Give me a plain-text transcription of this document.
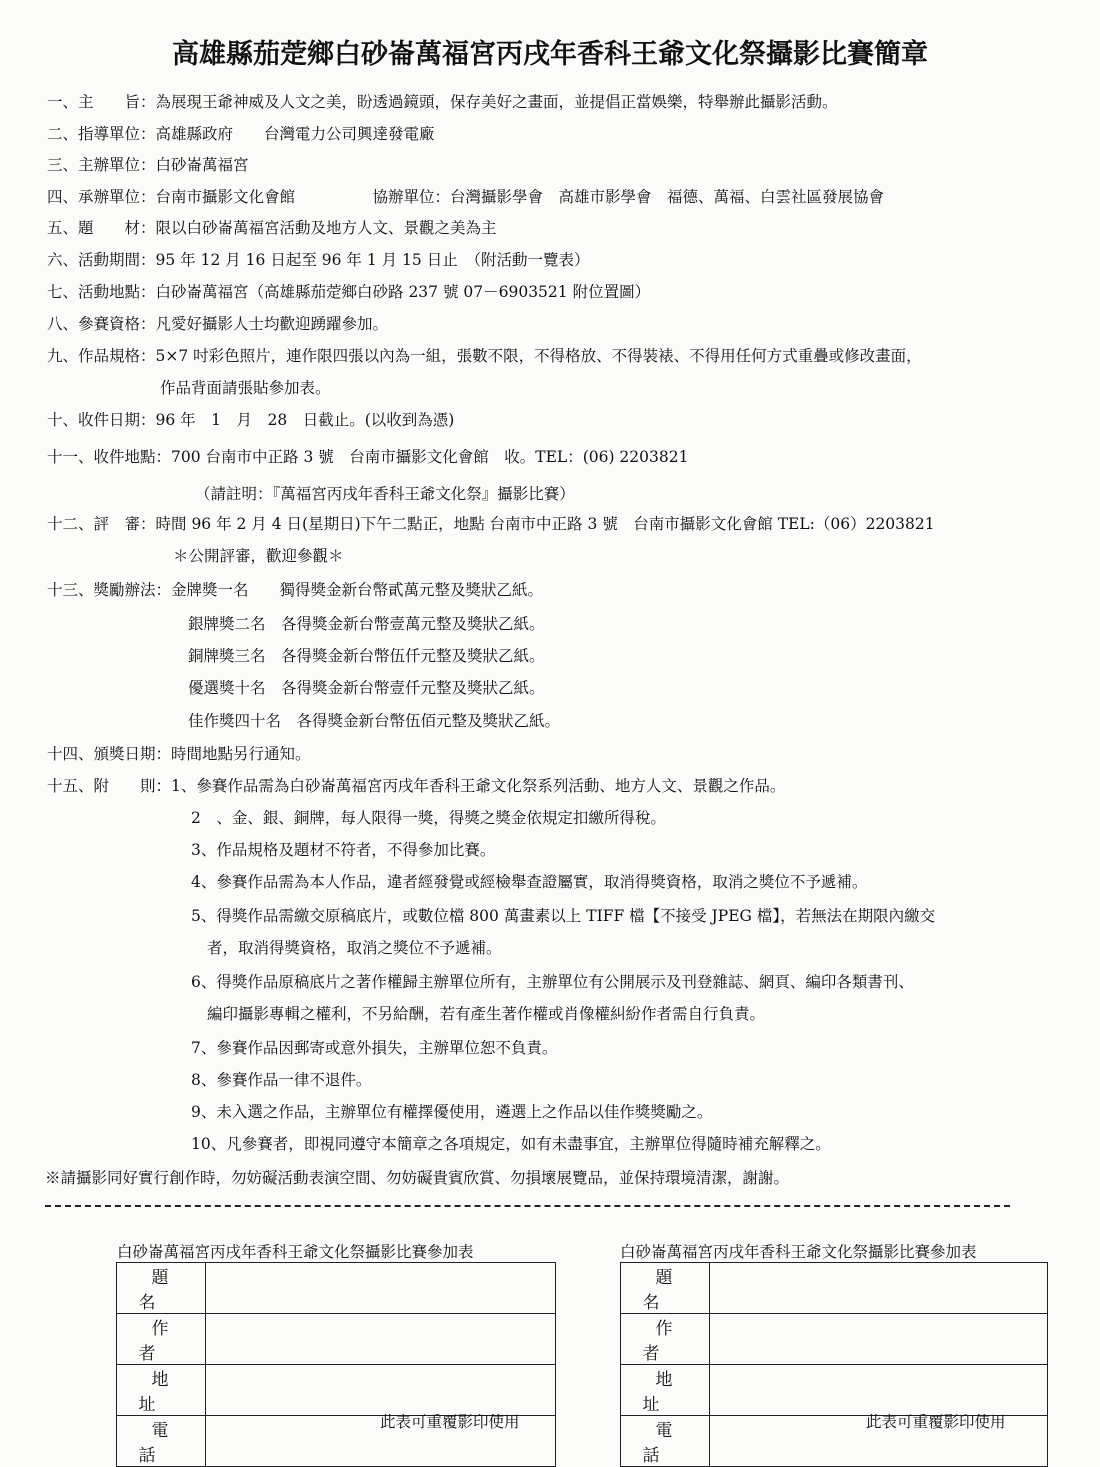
高雄縣茄萣鄉白砂崙萬福宮丙戌年香科王爺文化祭攝影比賽簡章
一、主　　旨：為展現王爺神威及人文之美，盼透過鏡頭，保存美好之畫面，並提倡正當娛樂，特舉辦此攝影活動。
二、指導單位：高雄縣政府　　台灣電力公司興達發電廠
三、主辦單位：白砂崙萬福宮
四、承辦單位：台南市攝影文化會館　　　　　協辦單位：台灣攝影學會　高雄市影學會　福德、萬福、白雲社區發展協會
五、題　　材：限以白砂崙萬福宮活動及地方人文、景觀之美為主
六、活動期間：95 年 12 月 16 日起至 96 年 1 月 15 日止　（附活動一覽表）
七、活動地點：白砂崙萬福宮（高雄縣茄萣鄉白砂路 237 號 07－6903521 附位置圖）
八、參賽資格：凡愛好攝影人士均歡迎踴躍參加。
九、作品規格：5×7 吋彩色照片，連作限四張以內為一組，張數不限，不得格放、不得裝裱、不得用任何方式重疊或修改畫面，
作品背面請張貼參加表。
十、收件日期：96 年　1　月　28　日截止。(以收到為憑)
十一、收件地點：700 台南市中正路 3 號　台南市攝影文化會館　收。TEL：(06) 2203821
（請註明：『萬福宮丙戌年香科王爺文化祭』攝影比賽）
十二、評　審：時間 96 年 2 月 4 日(星期日)下午二點正，地點 台南市中正路 3 號　台南市攝影文化會館 TEL:（06）2203821
＊公開評審，歡迎參觀＊
十三、獎勵辦法：金牌獎一名　　獨得獎金新台幣貳萬元整及獎狀乙紙。
銀牌獎二名　各得獎金新台幣壹萬元整及獎狀乙紙。
銅牌獎三名　各得獎金新台幣伍仟元整及獎狀乙紙。
優選獎十名　各得獎金新台幣壹仟元整及獎狀乙紙。
佳作獎四十名　各得獎金新台幣伍佰元整及獎狀乙紙。
十四、頒獎日期：時間地點另行通知。
十五、附　　則：1、參賽作品需為白砂崙萬福宮丙戌年香科王爺文化祭系列活動、地方人文、景觀之作品。
2　、金、銀、銅牌，每人限得一獎，得獎之獎金依規定扣繳所得稅。
3、作品規格及題材不符者，不得參加比賽。
4、參賽作品需為本人作品，違者經發覺或經檢舉查證屬實，取消得獎資格，取消之獎位不予遞補。
5、得獎作品需繳交原稿底片，或數位檔 800 萬畫素以上 TIFF 檔【不接受 JPEG 檔】，若無法在期限內繳交
者，取消得獎資格，取消之獎位不予遞補。
6、得獎作品原稿底片之著作權歸主辦單位所有，主辦單位有公開展示及刊登雜誌、網頁、編印各類書刊、
編印攝影專輯之權利，不另給酬，若有產生著作權或肖像權糾紛作者需自行負責。
7、參賽作品因郵寄或意外損失，主辦單位恕不負責。
8、參賽作品一律不退件。
9、未入選之作品，主辦單位有權擇優使用，遴選上之作品以佳作獎獎勵之。
10、凡參賽者，即視同遵守本簡章之各項規定，如有未盡事宜，主辦單位得隨時補充解釋之。
※請攝影同好實行創作時，勿妨礙活動表演空間、勿妨礙貴賓欣賞、勿損壞展覽品，並保持環境清潔，謝謝。
白砂崙萬福宮丙戌年香科王爺文化祭攝影比賽參加表
題名	
作者	
地址	
電話	
此表可重覆影印使用
白砂崙萬福宮丙戌年香科王爺文化祭攝影比賽參加表
題名	
作者	
地址	
電話	
此表可重覆影印使用
